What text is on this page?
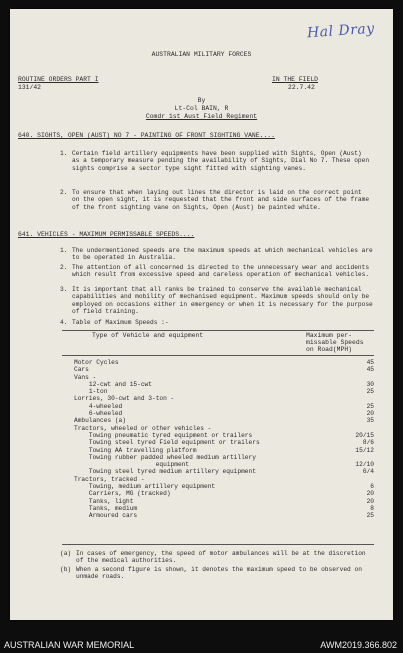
Hal Dray
AUSTRALIAN MILITARY FORCES
ROUTINE ORDERS PART I
131/42
IN THE FIELD
22.7.42
By
Lt-Col BAIN, R
Comdr 1st Aust Field Regiment
640. SIGHTS, OPEN (AUST) NO 7 - PAINTING OF FRONT SIGHTING VANE....
1. Certain field artillery equipments have been supplied with Sights, Open (Aust) as a temporary measure pending the availability of Sights, Dial No 7. These open sights comprise a sector type sight fitted with sighting vanes.
2. To ensure that when laying out lines the director is laid on the correct point on the open sight, it is requested that the front and side surfaces of the frame of the front sighting vane on Sights, Open (Aust) be painted white.
641. VEHICLES - MAXIMUM PERMISSABLE SPEEDS....
1. The undermentioned speeds are the maximum speeds at which mechanical vehicles are to be operated in Australia.
2. The attention of all concerned is directed to the unnecessary wear and accidents which result from excessive speed and careless operation of mechanical vehicles.
3. It is important that all ranks be trained to conserve the available mechanical capabilities and mobility of mechanised equipment. Maximum speeds should only be employed on occasions either in emergency or when it is necessary for the purpose of field training.
4. Table of Maximum Speeds :-
Type of Vehicle and equipment	Maximum per-
missable Speeds
on Road(MPH)
Motor Cycles	45
Cars	45
Vans -
12-cwt and 15-cwt	30
1-ton	25
Lorries, 30-cwt and 3-ton -
4-wheeled	25
6-wheeled	20
Ambulances (a)	35
Tractors, wheeled or other vehicles -
Towing pneumatic tyred equipment or trailers	20/15
Towing steel tyred Field equipment or trailers	8/6
Towing AA travelling platform	15/12
Towing rubber padded wheeled medium artillery
equipment	12/10
Towing steel tyred medium artillery equipment	6/4
Tractors, tracked -
Towing, medium artillery equipment	6
Carriers, MG (tracked)	20
Tanks, light	20
Tanks, medium	8
Armoured cars	25
(a) In cases of emergency, the speed of motor ambulances will be at the discretion of the medical authorities.
(b) When a second figure is shown, it denotes the maximum speed to be observed on unmade roads.
AUSTRALIAN WAR MEMORIAL	AWM2019.366.802
